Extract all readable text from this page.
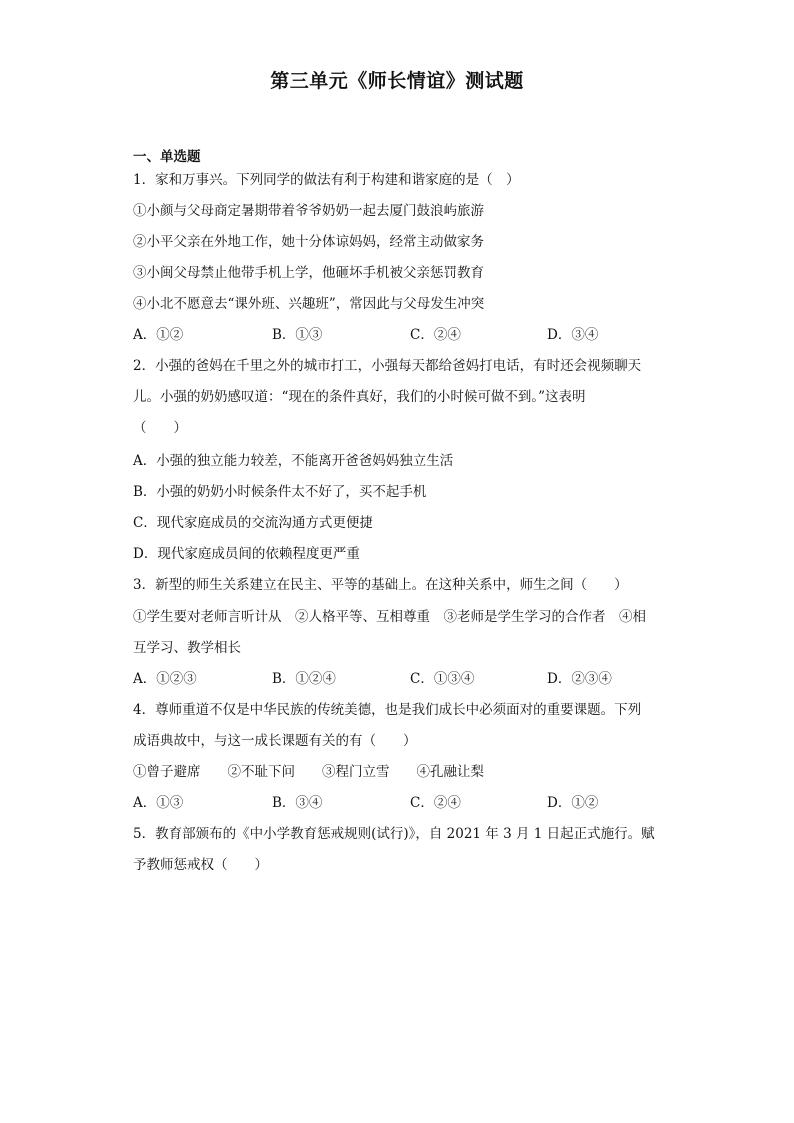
第三单元《师长情谊》测试题
一、单选题
1．家和万事兴。下列同学的做法有利于构建和谐家庭的是（　）
①小颜与父母商定暑期带着爷爷奶奶一起去厦门鼓浪屿旅游
②小平父亲在外地工作，她十分体谅妈妈，经常主动做家务
③小闽父母禁止他带手机上学，他砸坏手机被父亲惩罚教育
④小北不愿意去“课外班、兴趣班”，常因此与父母发生冲突
A．①②	B．①③	C．②④	D．③④
2．小强的爸妈在千里之外的城市打工，小强每天都给爸妈打电话，有时还会视频聊天
儿。小强的奶奶感叹道：“现在的条件真好，我们的小时候可做不到。”这表明
（　　）
A．小强的独立能力较差，不能离开爸爸妈妈独立生活
B．小强的奶奶小时候条件太不好了，买不起手机
C．现代家庭成员的交流沟通方式更便捷
D．现代家庭成员间的依赖程度更严重
3．新型的师生关系建立在民主、平等的基础上。在这种关系中，师生之间（　　）
①学生要对老师言听计从　②人格平等、互相尊重　③老师是学生学习的合作者　④相
互学习、教学相长
A．①②③	B．①②④	C．①③④	D．②③④
4．尊师重道不仅是中华民族的传统美德，也是我们成长中必须面对的重要课题。下列
成语典故中，与这一成长课题有关的有（　　）
①曾子避席　　②不耻下问　　③程门立雪　　④孔融让梨
A．①③	B．③④	C．②④	D．①②
5．教育部颁布的《中小学教育惩戒规则(试行)》，自 2021 年 3 月 1 日起正式施行。赋
予教师惩戒权（　　）
